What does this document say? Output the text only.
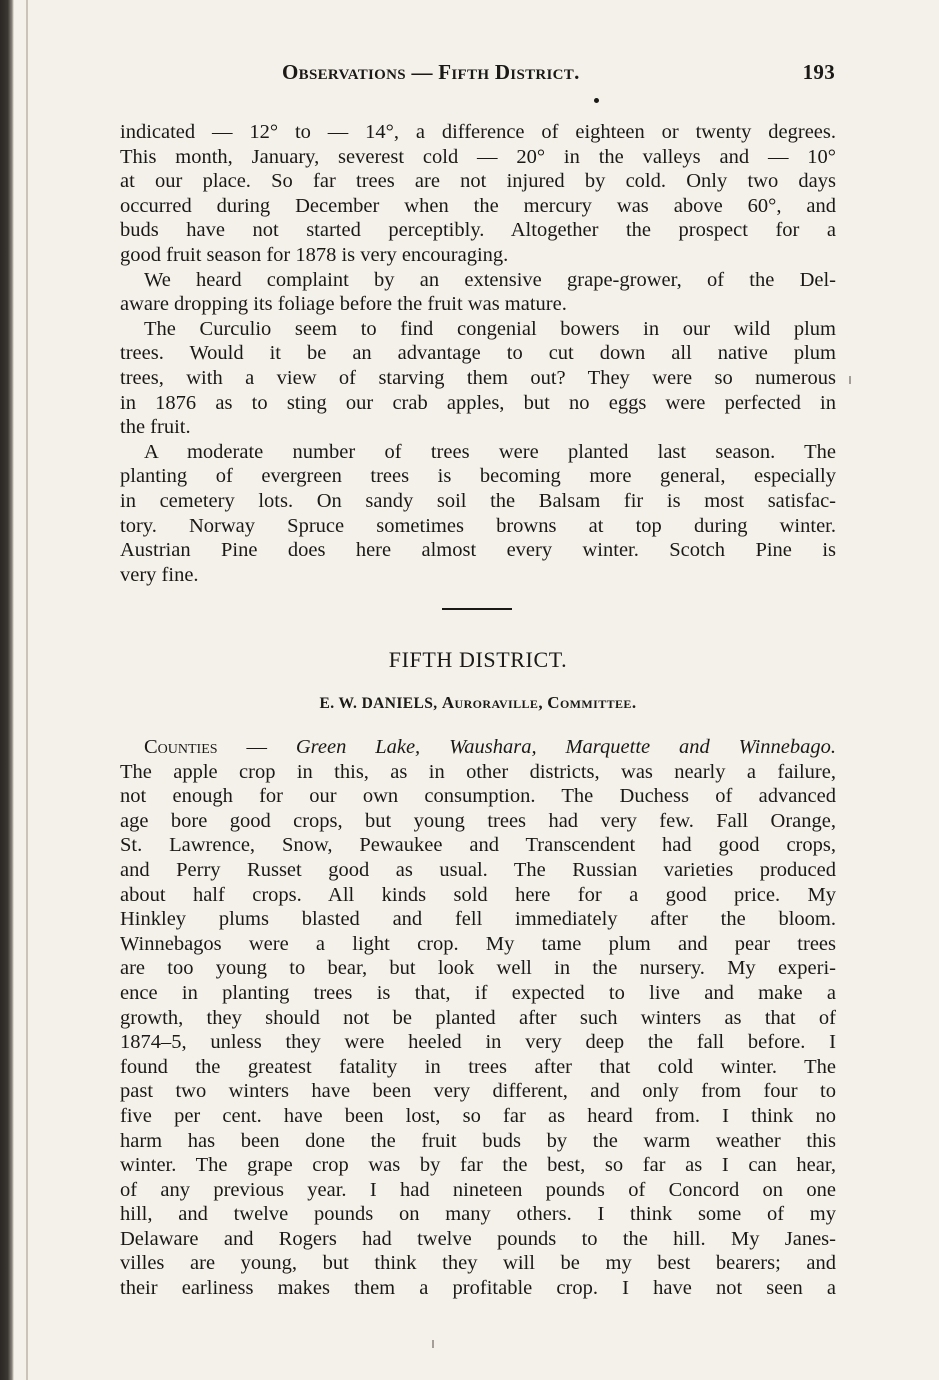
Observations — Fifth District.	193
indicated — 12° to — 14°, a difference of eighteen or twenty degrees.
This month, January, severest cold — 20° in the valleys and — 10°
at our place. So far trees are not injured by cold. Only two days
occurred during December when the mercury was above 60°, and
buds have not started perceptibly. Altogether the prospect for a
good fruit season for 1878 is very encouraging.
We heard complaint by an extensive grape-grower, of the Del-
aware dropping its foliage before the fruit was mature.
The Curculio seem to find congenial bowers in our wild plum
trees. Would it be an advantage to cut down all native plum
trees, with a view of starving them out? They were so numerous
in 1876 as to sting our crab apples, but no eggs were perfected in
the fruit.
A moderate number of trees were planted last season. The
planting of evergreen trees is becoming more general, especially
in cemetery lots. On sandy soil the Balsam fir is most satisfac-
tory. Norway Spruce sometimes browns at top during winter.
Austrian Pine does here almost every winter. Scotch Pine is
very fine.
FIFTH DISTRICT.
E. W. DANIELS, Auroraville, Committee.
Counties — Green Lake, Waushara, Marquette and Winnebago.
The apple crop in this, as in other districts, was nearly a failure,
not enough for our own consumption. The Duchess of advanced
age bore good crops, but young trees had very few. Fall Orange,
St. Lawrence, Snow, Pewaukee and Transcendent had good crops,
and Perry Russet good as usual. The Russian varieties produced
about half crops. All kinds sold here for a good price. My
Hinkley plums blasted and fell immediately after the bloom.
Winnebagos were a light crop. My tame plum and pear trees
are too young to bear, but look well in the nursery. My experi-
ence in planting trees is that, if expected to live and make a
growth, they should not be planted after such winters as that of
1874–5, unless they were heeled in very deep the fall before. I
found the greatest fatality in trees after that cold winter. The
past two winters have been very different, and only from four to
five per cent. have been lost, so far as heard from. I think no
harm has been done the fruit buds by the warm weather this
winter. The grape crop was by far the best, so far as I can hear,
of any previous year. I had nineteen pounds of Concord on one
hill, and twelve pounds on many others. I think some of my
Delaware and Rogers had twelve pounds to the hill. My Janes-
villes are young, but think they will be my best bearers; and
their earliness makes them a profitable crop. I have not seen a
